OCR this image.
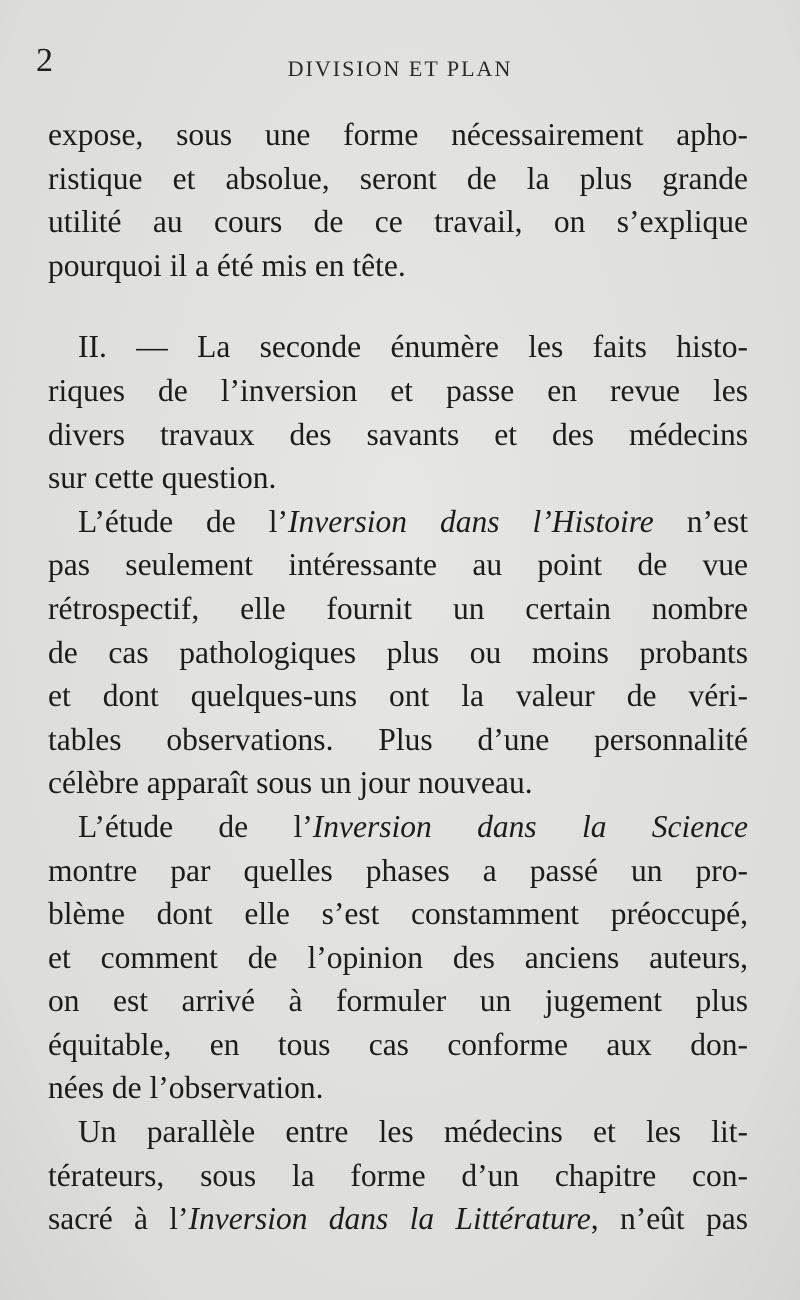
2	DIVISION ET PLAN
expose, sous une forme nécessairement apho-
ristique et absolue, seront de la plus grande
utilité au cours de ce travail, on s’explique
pourquoi il a été mis en tête.
II. — La seconde énumère les faits histo-
riques de l’inversion et passe en revue les
divers travaux des savants et des médecins
sur cette question.
L’étude de l’Inversion dans l’Histoire n’est
pas seulement intéressante au point de vue
rétrospectif, elle fournit un certain nombre
de cas pathologiques plus ou moins probants
et dont quelques-uns ont la valeur de véri-
tables observations. Plus d’une personnalité
célèbre apparaît sous un jour nouveau.
L’étude de l’Inversion dans la Science
montre par quelles phases a passé un pro-
blème dont elle s’est constamment préoccupé,
et comment de l’opinion des anciens auteurs,
on est arrivé à formuler un jugement plus
équitable, en tous cas conforme aux don-
nées de l’observation.
Un parallèle entre les médecins et les lit-
térateurs, sous la forme d’un chapitre con-
sacré à l’Inversion dans la Littérature, n’eût pas
